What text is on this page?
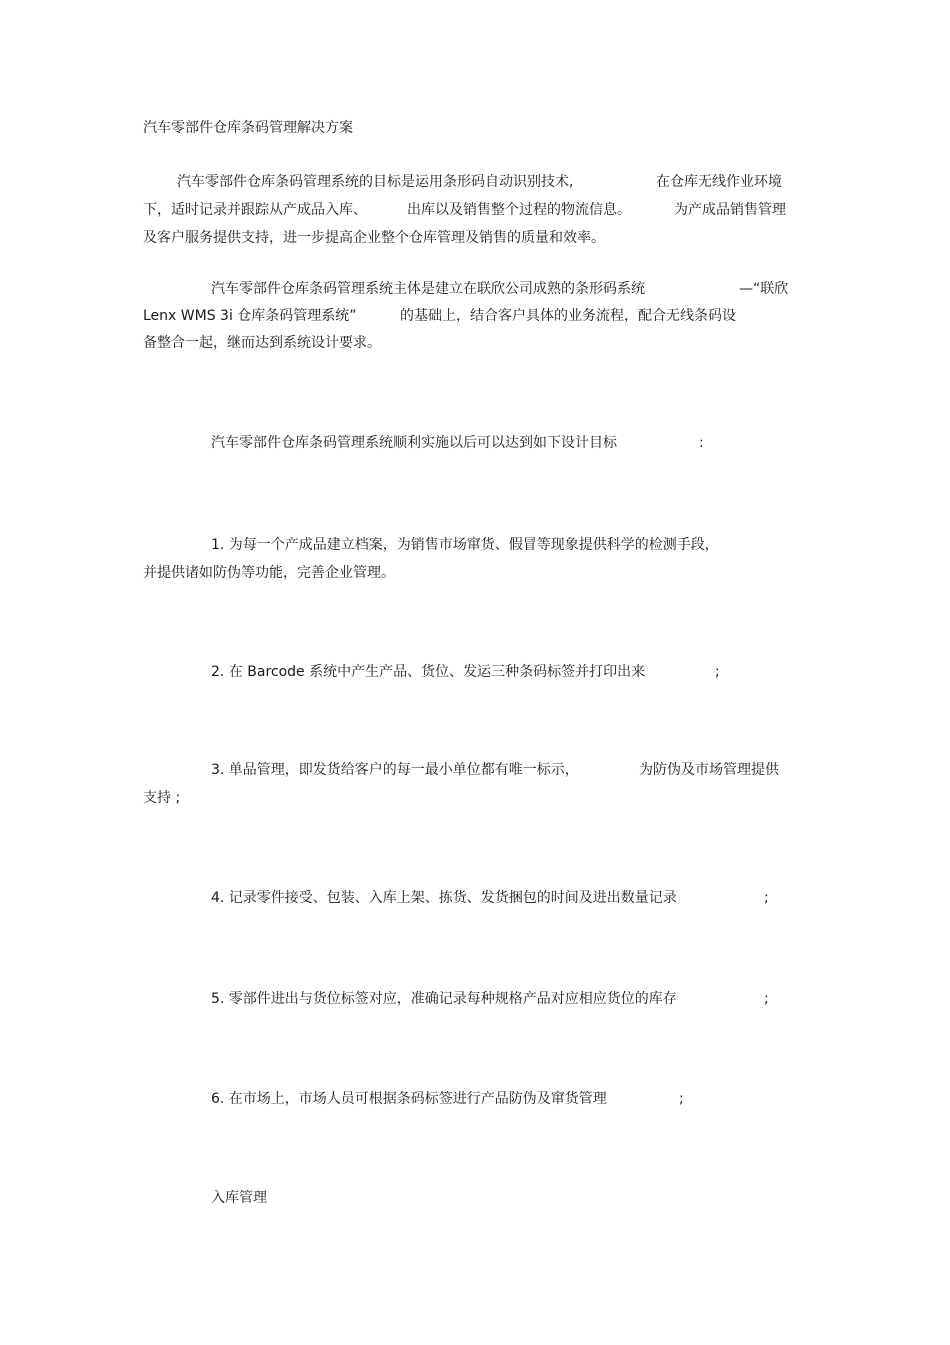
汽车零部件仓库条码管理解决方案
汽车零部件仓库条码管理系统的目标是运用条形码自动识别技术,	在仓库无线作业环境
下，适时记录并跟踪从产成品入库、	出库以及销售整个过程的物流信息。	为产成品销售管理
及客户服务提供支持，进一步提高企业整个仓库管理及销售的质量和效率。
汽车零部件仓库条码管理系统主体是建立在联欣公司成熟的条形码系统	—“联欣
Lenx WMS 3i 仓库条码管理系统”	的基础上，结合客户具体的业务流程，配合无线条码设
备整合一起，继而达到系统设计要求。
汽车零部件仓库条码管理系统顺利实施以后可以达到如下设计目标	:
1. 为每一个产成品建立档案，为销售市场窜货、假冒等现象提供科学的检测手段，
并提供诸如防伪等功能，完善企业管理。
2. 在 Barcode 系统中产生产品、货位、发运三种条码标签并打印出来	;
3. 单品管理，即发货给客户的每一最小单位都有唯一标示，	为防伪及市场管理提供
支持 ;
4. 记录零件接受、包装、入库上架、拣货、发货捆包的时间及进出数量记录	;
5. 零部件进出与货位标签对应，准确记录每种规格产品对应相应货位的库存	;
6. 在市场上，市场人员可根据条码标签进行产品防伪及窜货管理	;
入库管理
